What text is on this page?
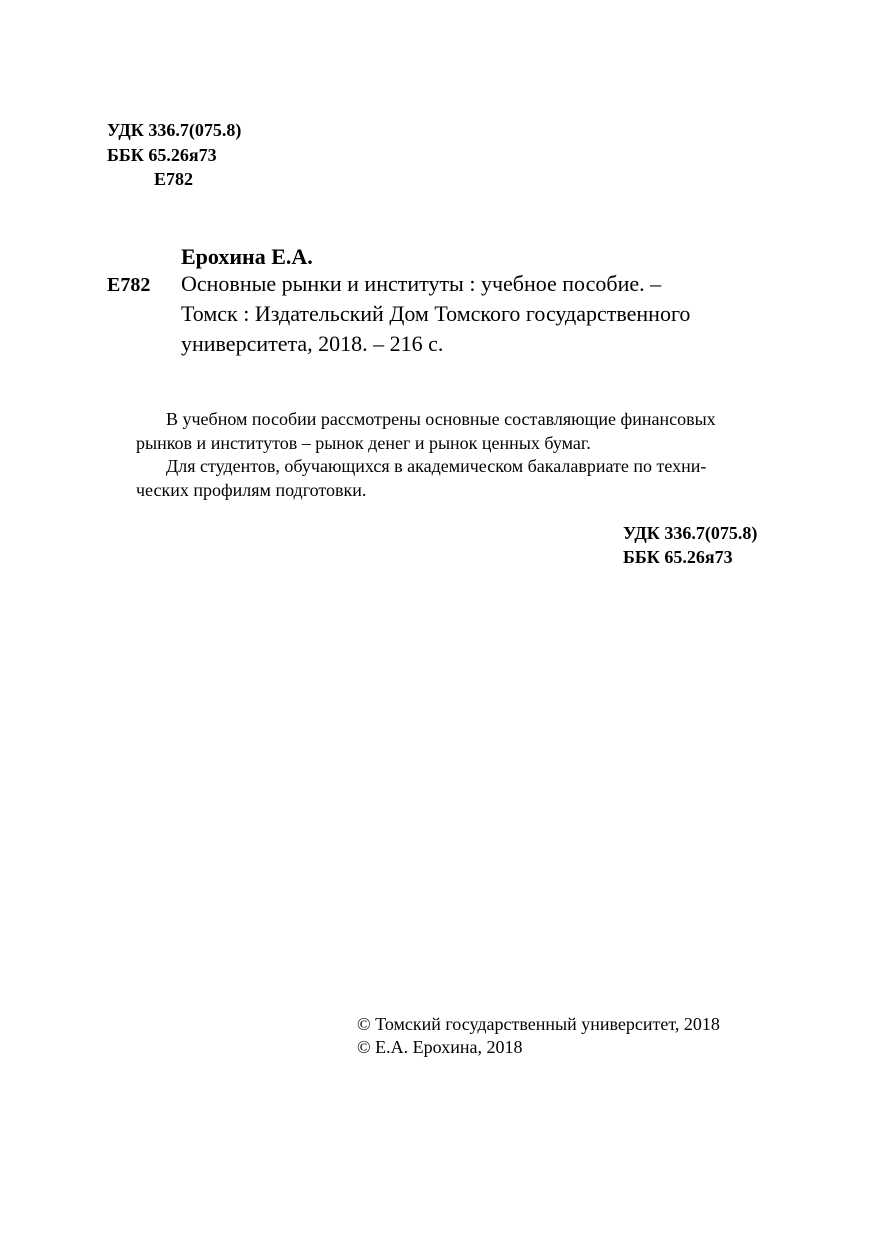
УДК 336.7(075.8)
ББК 65.26я73
Е782
Ерохина Е.А.
Е782 Основные рынки и институты : учебное пособие. –
Томск : Издательский Дом Томского государственного
университета, 2018. – 216 с.
В учебном пособии рассмотрены основные составляющие финансовых
рынков и институтов – рынок денег и рынок ценных бумаг.
Для студентов, обучающихся в академическом бакалавриате по техни-
ческих профилям подготовки.
УДК 336.7(075.8)
ББК 65.26я73
© Томский государственный университет, 2018
© Е.А. Ерохина, 2018
